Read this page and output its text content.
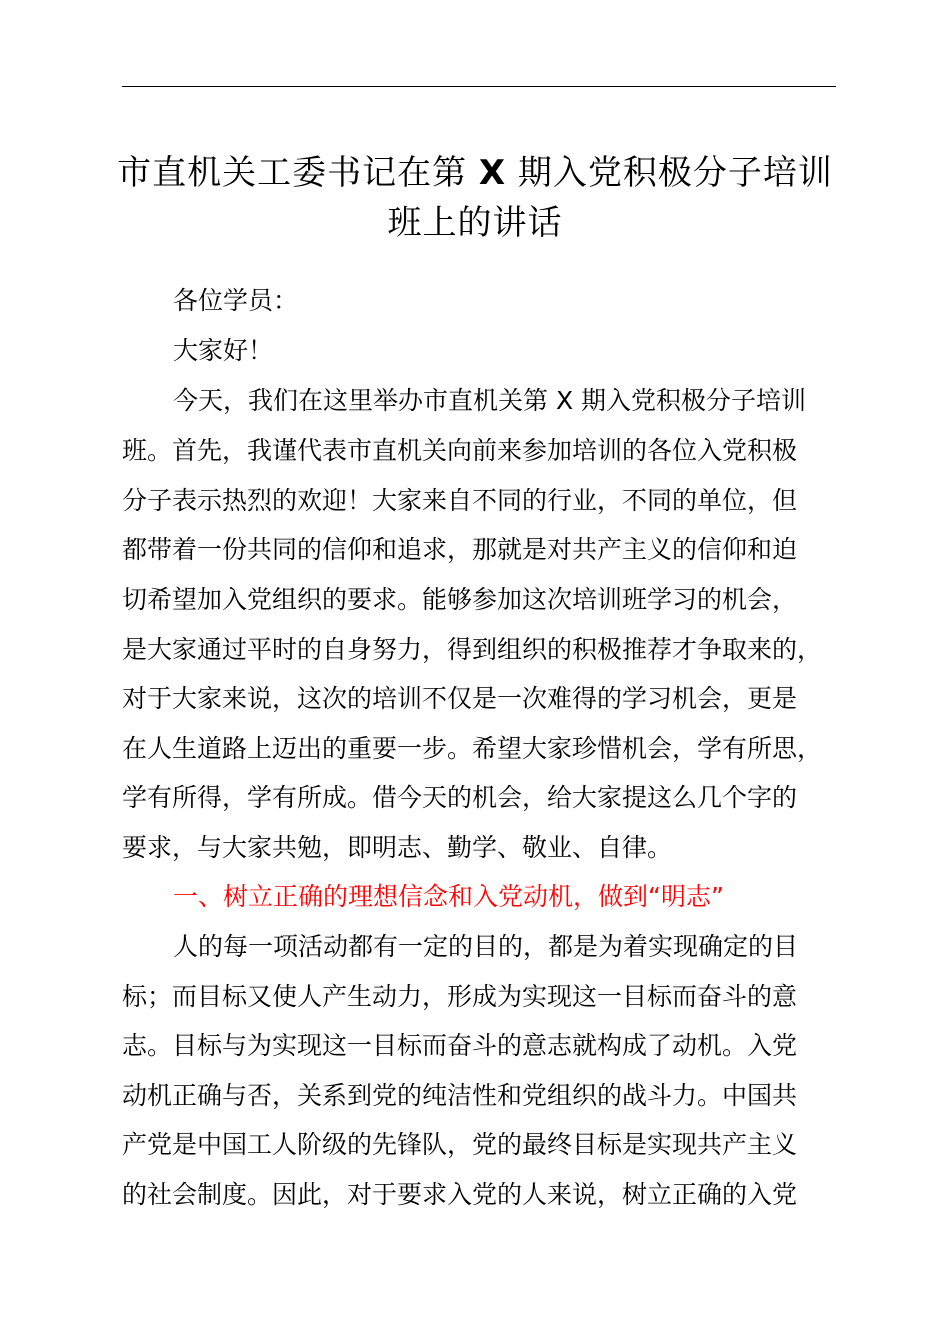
市直机关工委书记在第 X 期入党积极分子培训
班上的讲话

各位学员：

大家好！

今天，我们在这里举办市直机关第 X 期入党积极分子培训

班。首先，我谨代表市直机关向前来参加培训的各位入党积极

分子表示热烈的欢迎！大家来自不同的行业，不同的单位，但

都带着一份共同的信仰和追求，那就是对共产主义的信仰和迫

切希望加入党组织的要求。能够参加这次培训班学习的机会，

是大家通过平时的自身努力，得到组织的积极推荐才争取来的，

对于大家来说，这次的培训不仅是一次难得的学习机会，更是

在人生道路上迈出的重要一步。希望大家珍惜机会，学有所思，

学有所得，学有所成。借今天的机会，给大家提这么几个字的

要求，与大家共勉，即明志、勤学、敬业、自律。

一、树立正确的理想信念和入党动机，做到“明志”

人的每一项活动都有一定的目的，都是为着实现确定的目

标；而目标又使人产生动力，形成为实现这一目标而奋斗的意

志。目标与为实现这一目标而奋斗的意志就构成了动机。入党

动机正确与否，关系到党的纯洁性和党组织的战斗力。中国共

产党是中国工人阶级的先锋队，党的最终目标是实现共产主义

的社会制度。因此，对于要求入党的人来说，树立正确的入党
